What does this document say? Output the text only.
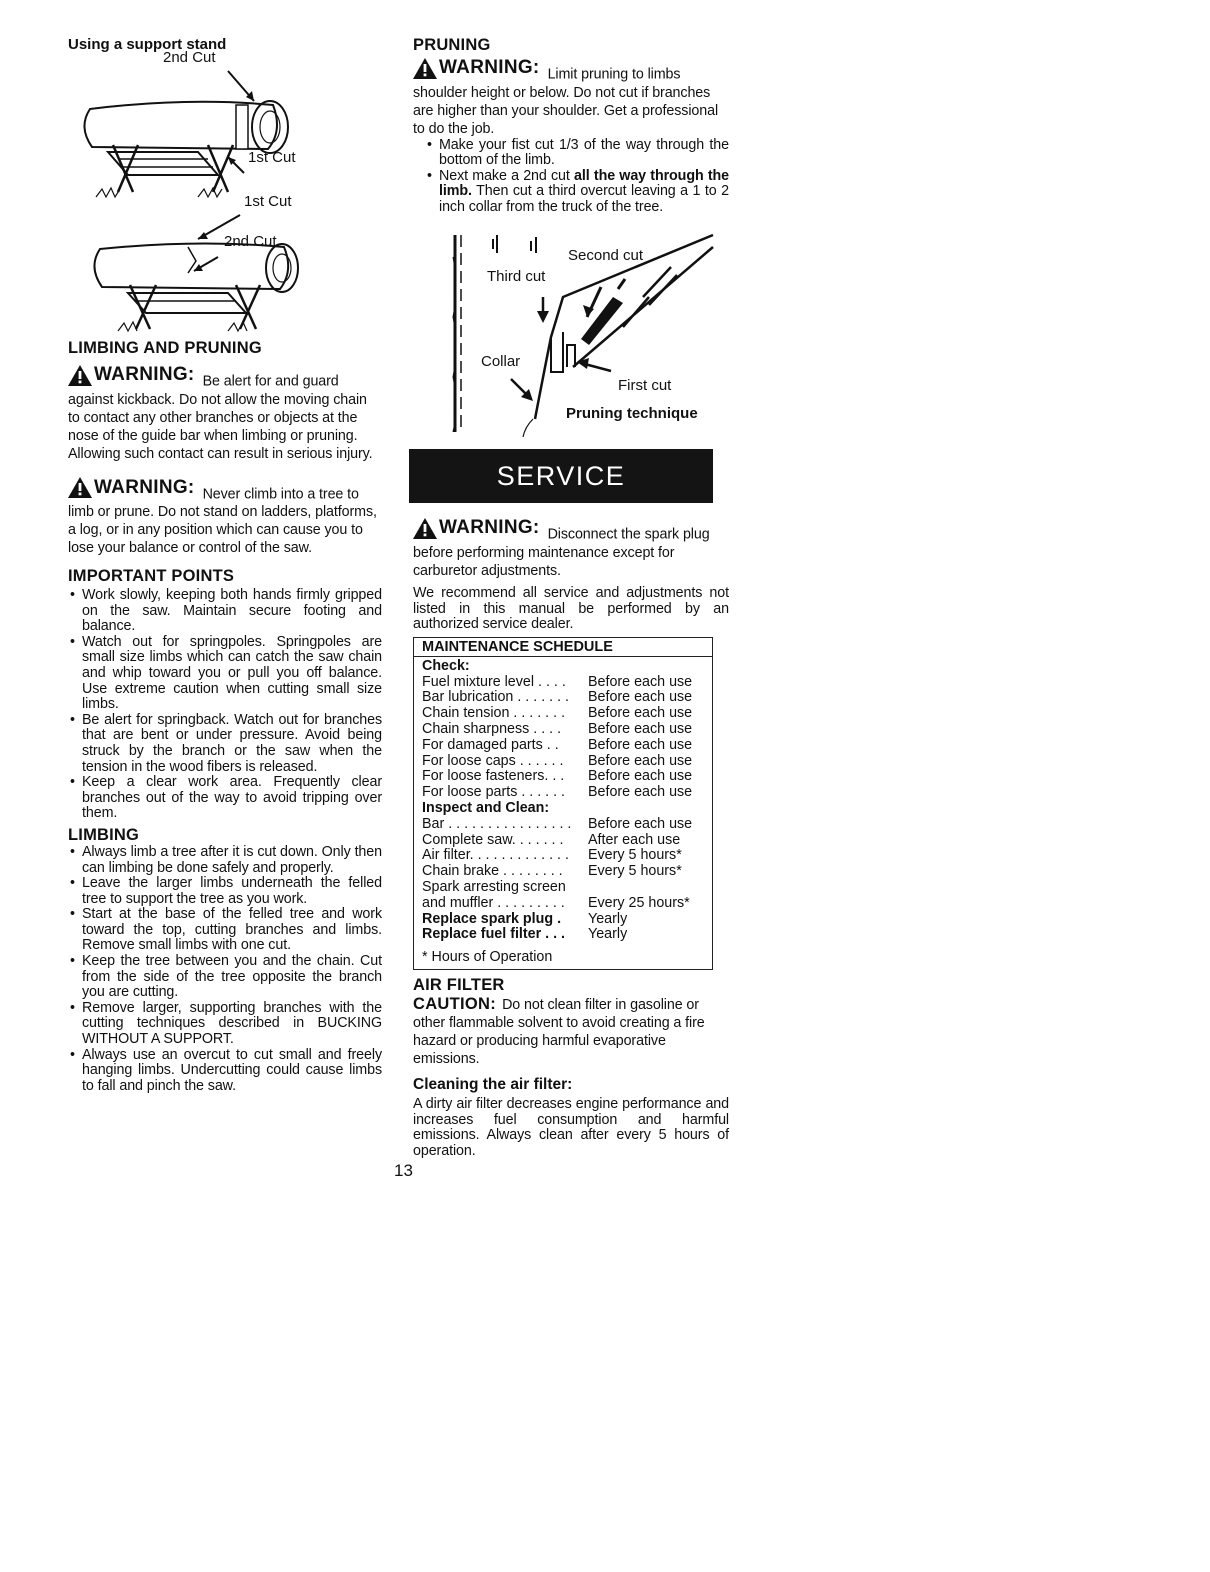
Using a support stand
2nd Cut
1st Cut
1st Cut
2nd Cut
LIMBING AND PRUNING
WARNING: Be alert for and guard against kickback. Do not allow the moving chain to contact any other branches or objects at the nose of the guide bar when limbing or pruning. Allowing such contact can result in serious injury.
WARNING: Never climb into a tree to limb or prune. Do not stand on ladders, platforms, a log, or in any position which can cause you to lose your balance or control of the saw.
IMPORTANT POINTS
• Work slowly, keeping both hands firmly gripped on the saw. Maintain secure footing and balance.
• Watch out for springpoles. Springpoles are small size limbs which can catch the saw chain and whip toward you or pull you off balance. Use extreme caution when cutting small size limbs.
• Be alert for springback. Watch out for branches that are bent or under pressure. Avoid being struck by the branch or the saw when the tension in the wood fibers is released.
• Keep a clear work area. Frequently clear branches out of the way to avoid tripping over them.
LIMBING
• Always limb a tree after it is cut down. Only then can limbing be done safely and properly.
• Leave the larger limbs underneath the felled tree to support the tree as you work.
• Start at the base of the felled tree and work toward the top, cutting branches and limbs. Remove small limbs with one cut.
• Keep the tree between you and the chain. Cut from the side of the tree opposite the branch you are cutting.
• Remove larger, supporting branches with the cutting techniques described in BUCKING WITHOUT A SUPPORT.
• Always use an overcut to cut small and freely hanging limbs. Undercutting could cause limbs to fall and pinch the saw.
PRUNING
WARNING: Limit pruning to limbs shoulder height or below. Do not cut if branches are higher than your shoulder. Get a professional to do the job.
• Make your fist cut 1/3 of the way through the bottom of the limb.
• Next make a 2nd cut all the way through the limb. Then cut a third overcut leaving a 1 to 2 inch collar from the truck of the tree.
Second cut
Third cut
Collar
First cut
Pruning technique
SERVICE
WARNING: Disconnect the spark plug before performing maintenance except for carburetor adjustments.

We recommend all service and adjustments not listed in this manual be performed by an authorized service dealer.

MAINTENANCE SCHEDULE
Check:
Fuel mixture level . . . .	Before each use
Bar lubrication . . . . . . .	Before each use
Chain tension . . . . . . .	Before each use
Chain sharpness . . . .	Before each use
For damaged parts . .	Before each use
For loose caps . . . . . .	Before each use
For loose fasteners. . .	Before each use
For loose parts . . . . . .	Before each use
Inspect and Clean:
Bar . . . . . . . . . . . . . . . .	Before each use
Complete saw. . . . . . .	After each use
Air filter. . . . . . . . . . . . .	Every 5 hours*
Chain brake . . . . . . . .	Every 5 hours*
Spark arresting screen
and muffler . . . . . . . . .	Every 25 hours*
Replace spark plug .	Yearly
Replace fuel filter . . .	Yearly
* Hours of Operation
AIR FILTER
CAUTION: Do not clean filter in gasoline or other flammable solvent to avoid creating a fire hazard or producing harmful evaporative emissions.
Cleaning the air filter:

A dirty air filter decreases engine performance and increases fuel consumption and harmful emissions. Always clean after every 5 hours of operation.

13
